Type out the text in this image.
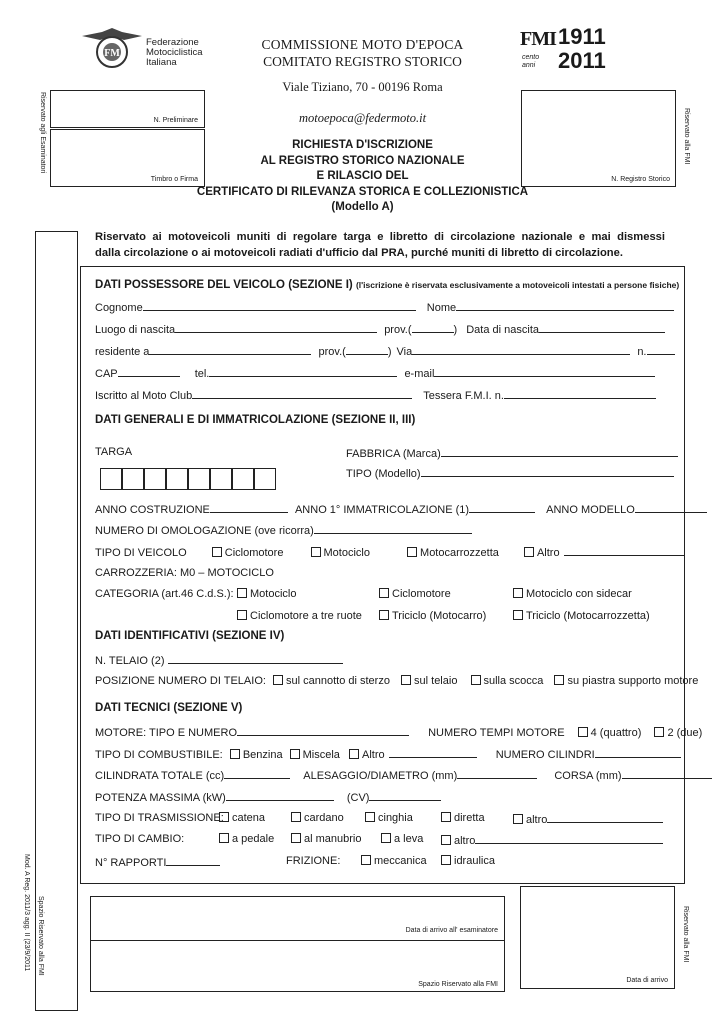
FM
Federazione
Motociclistica
Italiana
COMMISSIONE MOTO D'EPOCA
COMITATO REGISTRO STORICO
Viale Tiziano, 70 - 00196 Roma
motoepoca@federmoto.it
FMI 1911
2011
cento anni
N. Preliminare
Timbro o Firma
Riservato agli Esaminatori
N. Registro Storico
Riservato alla FMI
RICHIESTA D'ISCRIZIONE
AL REGISTRO STORICO NAZIONALE
E RILASCIO DEL
CERTIFICATO DI RILEVANZA STORICA E COLLEZIONISTICA
(Modello A)
Mod. A Reg. 2011/3 agg. II (23/9/2011 Spazio Riservato alla FMI
Riservato ai motoveicoli muniti di regolare targa e libretto di circolazione nazionale e mai dismessi
dalla circolazione o ai motoveicoli radiati d'ufficio dal PRA, purché muniti di libretto di circolazione.
DATI POSSESSORE DEL VEICOLO (SEZIONE I) (l'iscrizione è riservata esclusivamente a motoveicoli intestati a persone fisiche)
Cognome	Nome
Luogo di nascita	prov.(	) Data di nascita
residente a	prov.(	) Via	n.
CAP	tel.	e-mail
Iscritto al Moto Club	Tessera F.M.I. n.
DATI GENERALI E DI IMMATRICOLAZIONE (SEZIONE II, III)
TARGA	FABBRICA (Marca)
TIPO (Modello)
ANNO COSTRUZIONE	ANNO 1° IMMATRICOLAZIONE (1)	ANNO MODELLO
NUMERO DI OMOLOGAZIONE (ove ricorra)
TIPO DI VEICOLO	Ciclomotore	Motociclo	Motocarrozzetta	Altro
CARROZZERIA: M0 – MOTOCICLO
CATEGORIA (art.46 C.d.S.):	Motociclo	Ciclomotore	Motociclo con sidecar
Ciclomotore a tre ruote	Triciclo (Motocarro)	Triciclo (Motocarrozzetta)
DATI IDENTIFICATIVI (SEZIONE IV)
N. TELAIO (2)
POSIZIONE NUMERO DI TELAIO: sul cannotto di sterzo sul telaio sulla scocca su piastra supporto motore
DATI TECNICI (SEZIONE V)
MOTORE: TIPO E NUMERO	NUMERO TEMPI MOTORE 4 (quattro) 2 (due)
TIPO DI COMBUSTIBILE: Benzina Miscela Altro	NUMERO CILINDRI
CILINDRATA TOTALE (cc)	ALESAGGIO/DIAMETRO (mm)	CORSA (mm)
POTENZA MASSIMA (kW)	(CV)
TIPO DI TRASMISSIONE: catena	cardano	cinghia	diretta	altro
TIPO DI CAMBIO:	a pedale	al manubrio	a leva	altro
N° RAPPORTI	FRIZIONE:	meccanica	idraulica
Data di arrivo all' esaminatore
Spazio Riservato alla FMI
Data di arrivo
Riservato alla FMI
